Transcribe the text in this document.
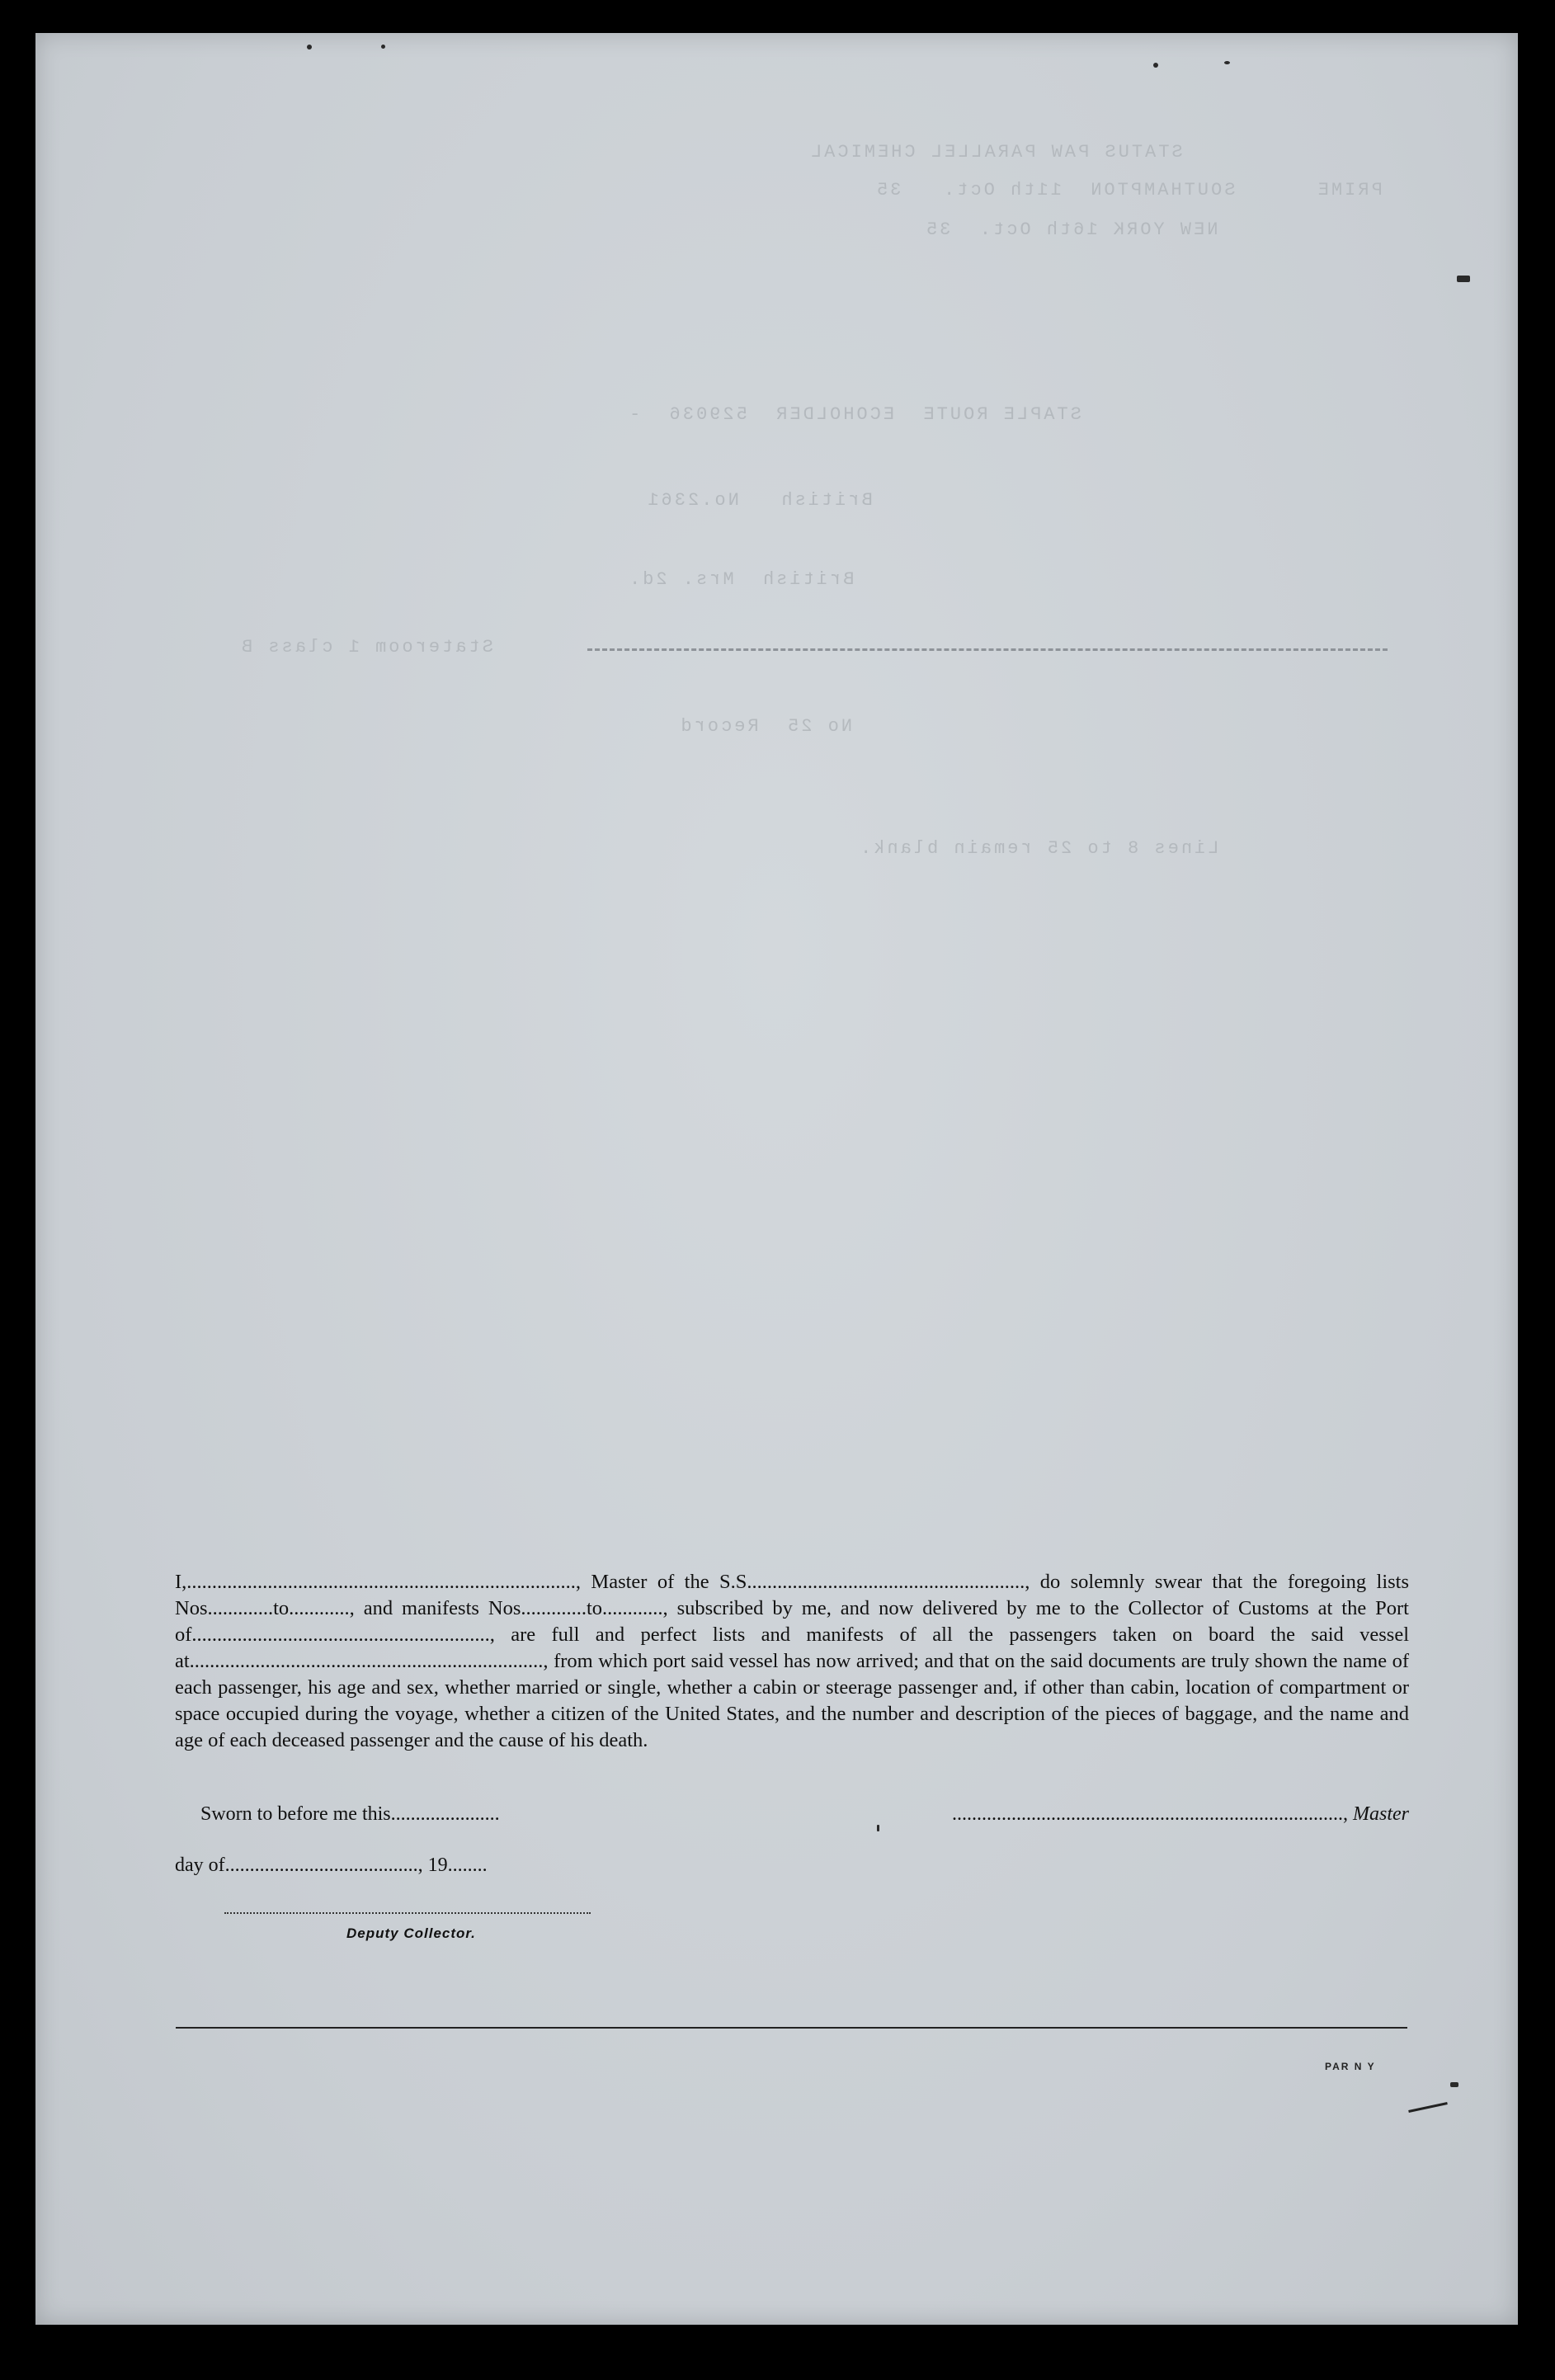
STATUS PAW PARALLEL CHEMICAL
PRIME      SOUTHAMPTON  11th Oct.   35
NEW YORK 16th Oct.  35
STAPLE ROUTE  ECOHOLDER  529036  -
British   No.2361
British  Mrs. 2d.
Stateroom 1 class B
No 25  Record
Lines 8 to 25 remain blank.

I,............................................................................., Master of the S.S......................................................., do solemnly swear that the foregoing lists Nos.............to............, and manifests Nos.............to............, subscribed by me, and now delivered by me to the Collector of Customs at the Port of..........................................................., are full and perfect lists and manifests of all the passengers taken on board the said vessel at......................................................................, from which port said vessel has now arrived; and that on the said documents are truly shown the name of each passenger, his age and sex, whether married or single, whether a cabin or steerage passenger and, if other than cabin, location of compartment or space occupied during the voyage, whether a citizen of the United States, and the number and description of the pieces of baggage, and the name and age of each deceased passenger and the cause of his death.

Sworn to before me this......................
day of......................................., 19........
..............................................................................., Master
Deputy Collector.
PAR N Y
